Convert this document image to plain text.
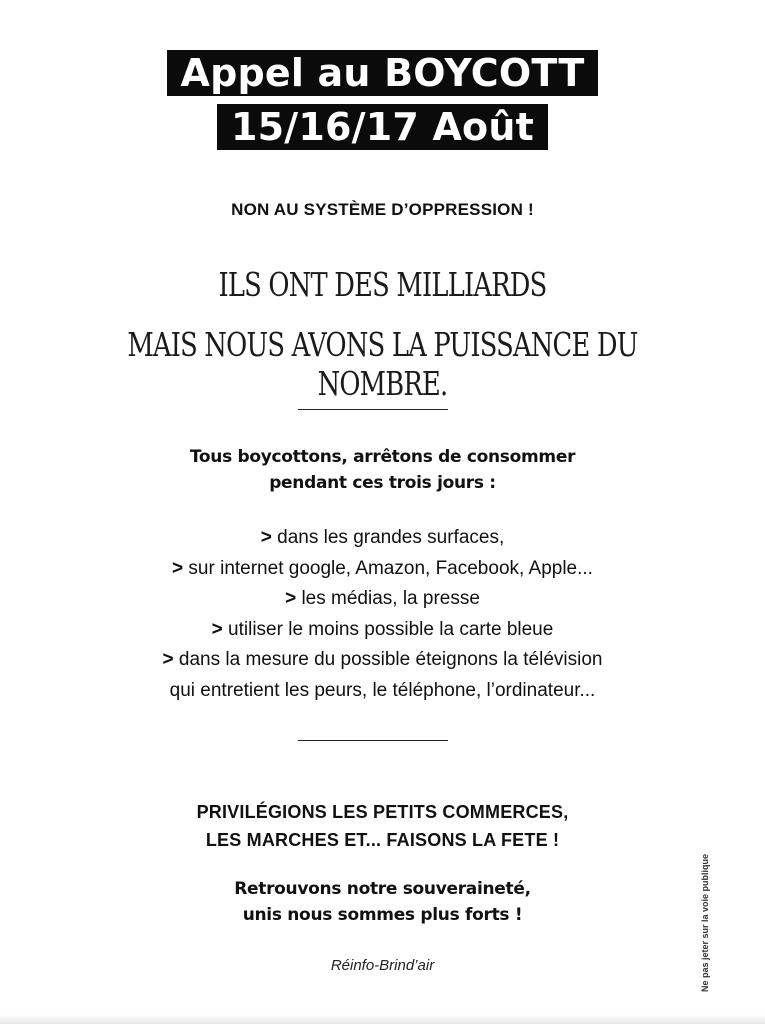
Appel au BOYCOTT
15/16/17 Août
NON AU SYSTÈME D’OPPRESSION !
ILS ONT DES MILLIARDS
MAIS NOUS AVONS LA PUISSANCE DU NOMBRE.
Tous boycottons, arrêtons de consommer
pendant ces trois jours :
> dans les grandes surfaces,
> sur internet google, Amazon, Facebook, Apple...
> les médias, la presse
> utiliser le moins possible la carte bleue
> dans la mesure du possible éteignons la télévision
qui entretient les peurs, le téléphone, l’ordinateur...
PRIVILÉGIONS LES PETITS COMMERCES,
LES MARCHES ET... FAISONS LA FETE !
Retrouvons notre souveraineté,
unis nous sommes plus forts !
Réinfo-Brind’air	Ne pas jeter sur la voie publique
